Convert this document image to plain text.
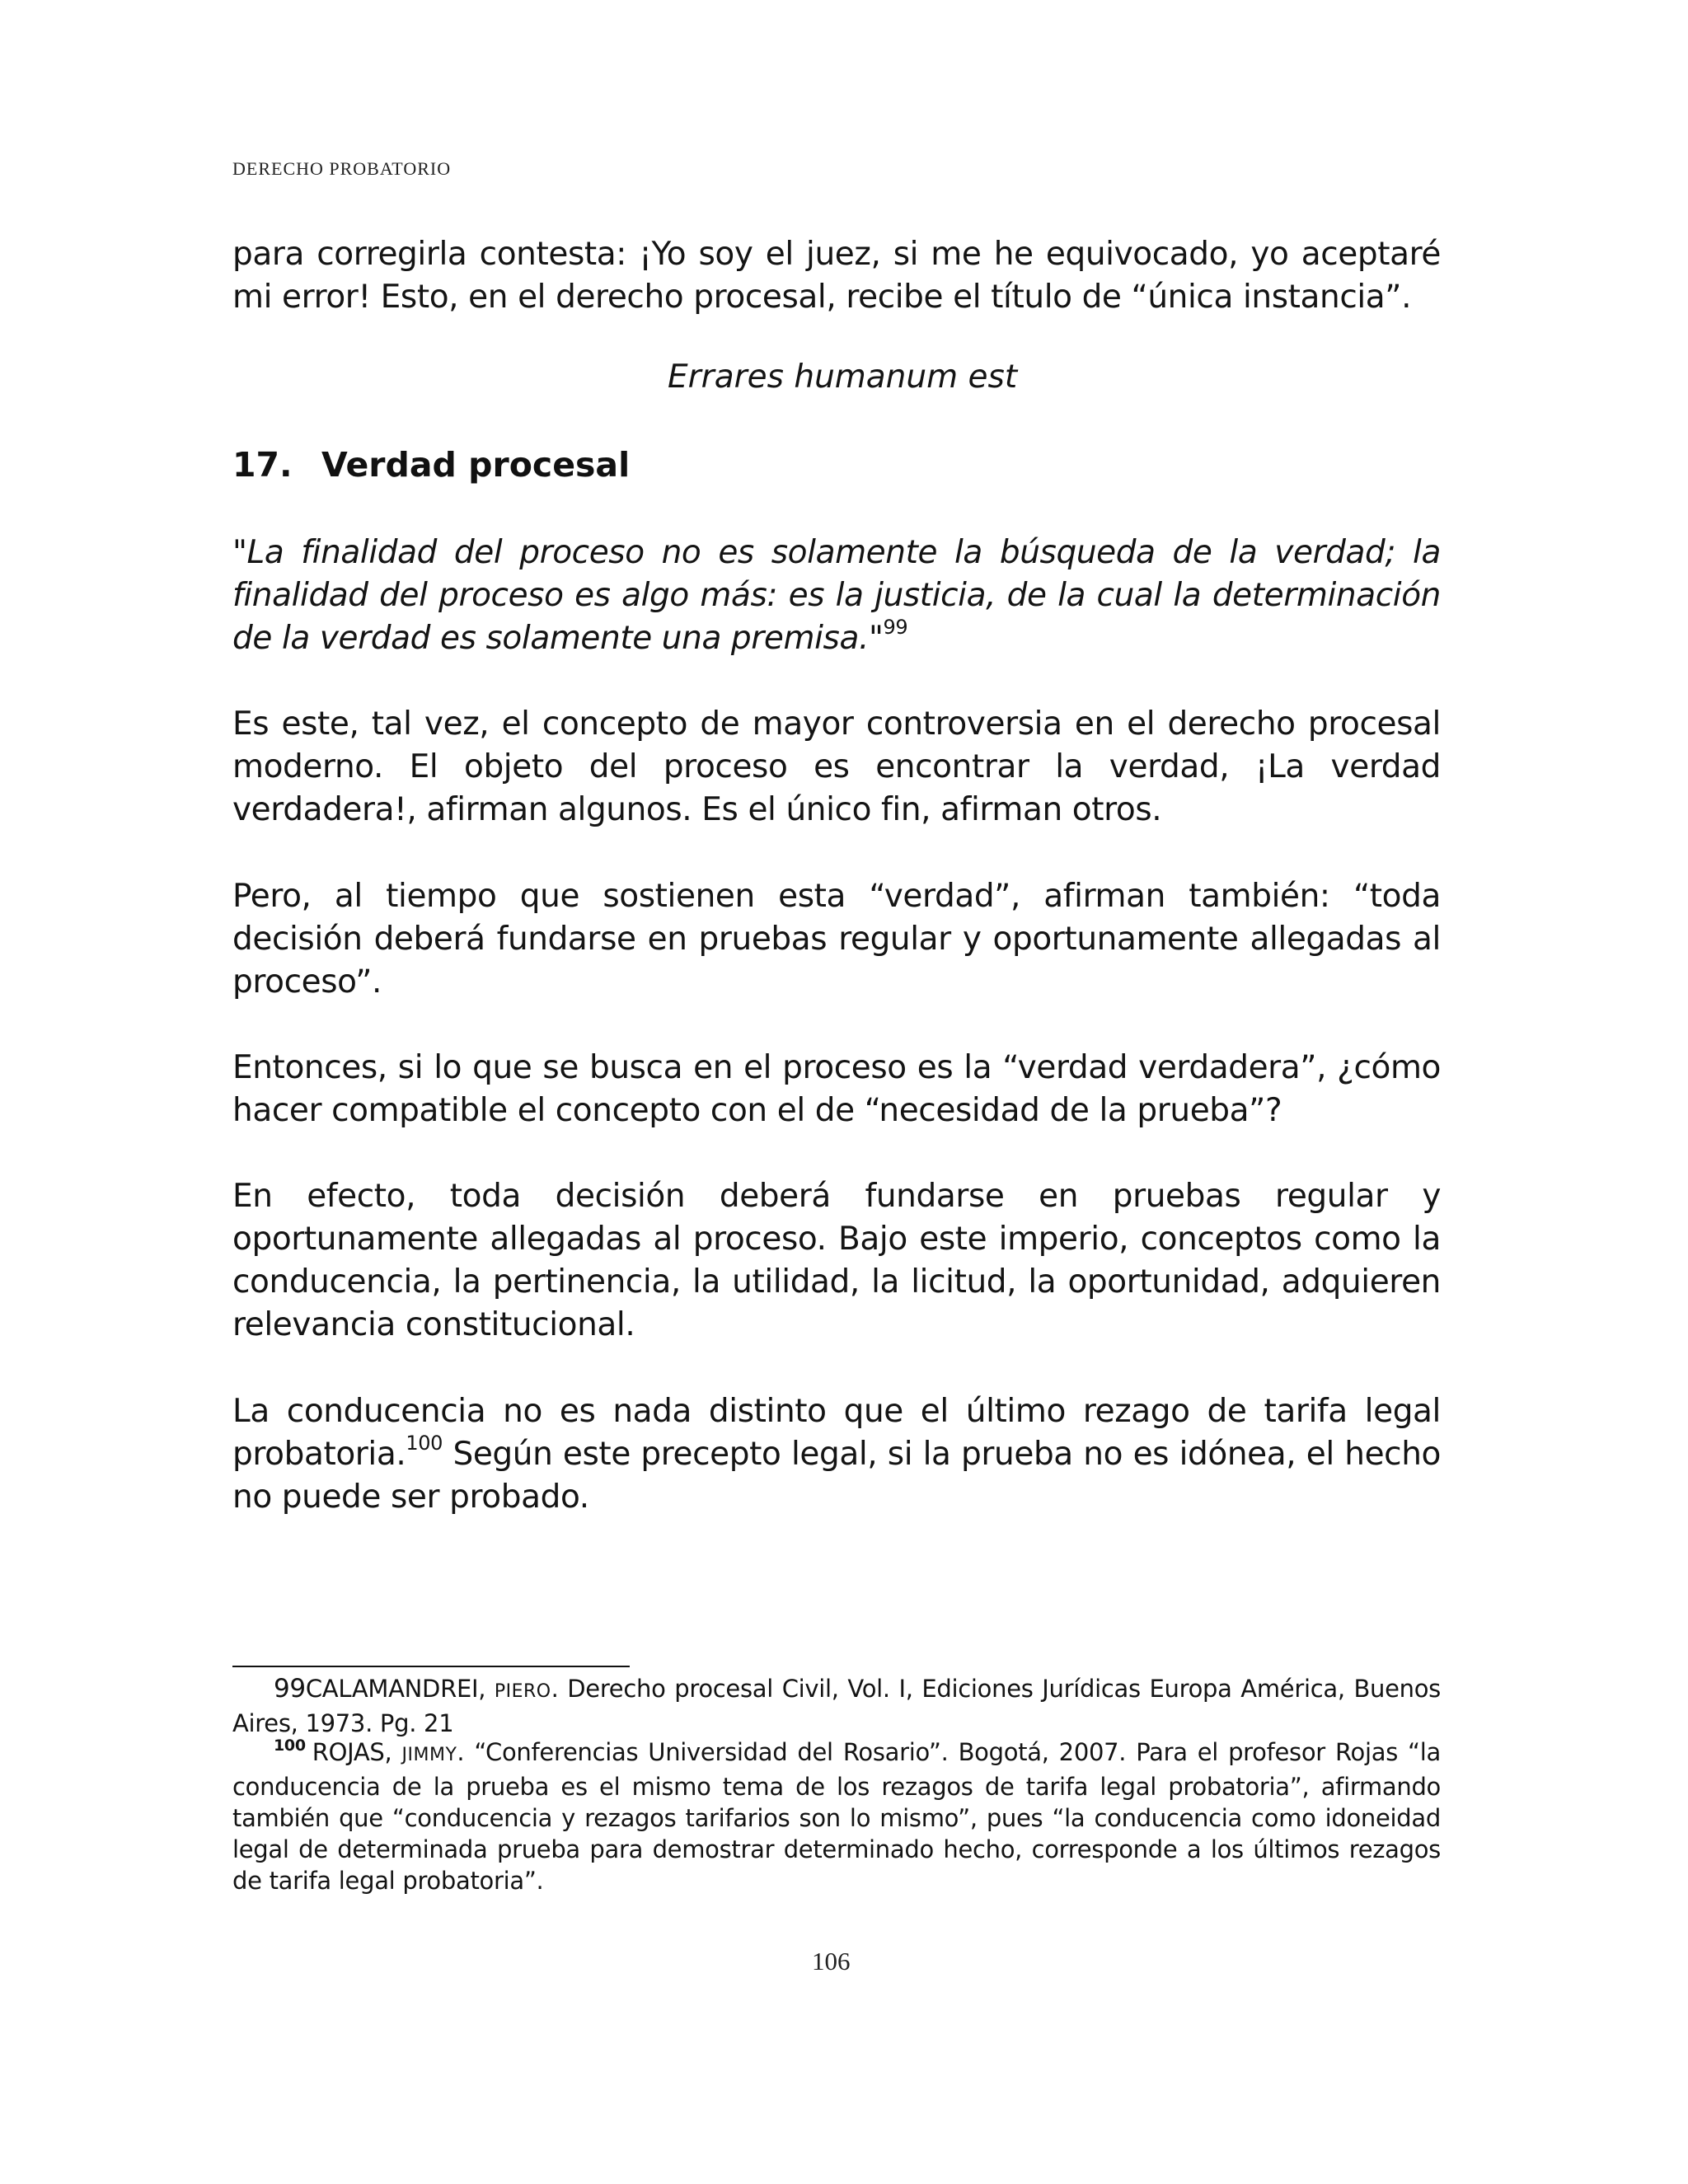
DERECHO PROBATORIO

para corregirla contesta: ¡Yo soy el juez, si me he equivocado, yo aceptaré mi error! Esto, en el derecho procesal, recibe el título de “única instancia”.

Errares humanum est

17. Verdad procesal

"La finalidad del proceso no es solamente la búsqueda de la verdad; la finalidad del proceso es algo más: es la justicia, de la cual la determinación de la verdad es solamente una premisa."$^{99}$

Es este, tal vez, el concepto de mayor controversia en el derecho procesal moderno. El objeto del proceso es encontrar la verdad, ¡La verdad verdadera!, afirman algunos. Es el único fin, afirman otros.

Pero, al tiempo que sostienen esta “verdad”, afirman también: “toda decisión deberá fundarse en pruebas regular y oportunamente allegadas al proceso”.

Entonces, si lo que se busca en el proceso es la “verdad verdadera”, ¿cómo hacer compatible el concepto con el de “necesidad de la prueba”?

En efecto, toda decisión deberá fundarse en pruebas regular y oportunamente allegadas al proceso. Bajo este imperio, conceptos como la conducencia, la pertinencia, la utilidad, la licitud, la oportunidad, adquieren relevancia constitucional.

La conducencia no es nada distinto que el último rezago de tarifa legal probatoria.$^{100}$ Según este precepto legal, si la prueba no es idónea, el hecho no puede ser probado.

99CALAMANDREI, PIERO. Derecho procesal Civil, Vol. I, Ediciones Jurídicas Europa América, Buenos Aires, 1973. Pg. 21

$^{100}$ ROJAS, JIMMY. “Conferencias Universidad del Rosario”. Bogotá, 2007. Para el profesor Rojas “la conducencia de la prueba es el mismo tema de los rezagos de tarifa legal probatoria”, afirmando también que “conducencia y rezagos tarifarios son lo mismo”, pues “la conducencia como idoneidad legal de determinada prueba para demostrar determinado hecho, corresponde a los últimos rezagos de tarifa legal probatoria”.

106
